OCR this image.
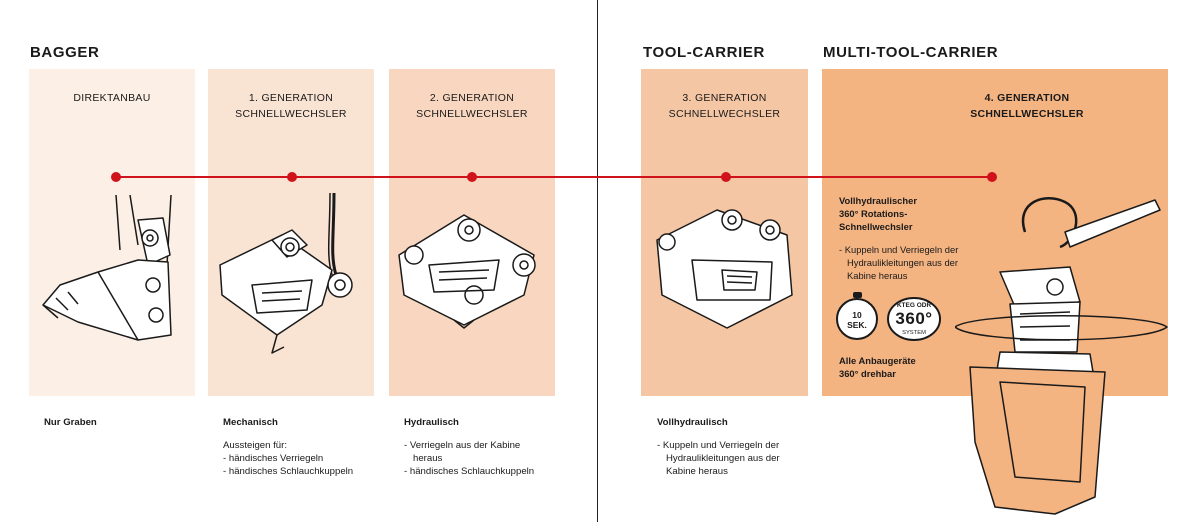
BAGGER	TOOL-CARRIER	MULTI-TOOL-CARRIER
DIREKTANBAU	1. GENERATION
SCHNELLWECHSLER
2. GENERATION
SCHNELLWECHSLER
3. GENERATION
SCHNELLWECHSLER
4. GENERATION
SCHNELLWECHSLER
Vollhydraulischer
360° Rotations-
Schnellwechsler
- Kuppeln und Verriegeln der
Hydraulikleitungen aus der
Kabine heraus
10
SEK.
KTEG ODR
360°
SYSTEM
Alle Anbaugeräte
360° drehbar
Nur Graben	Mechanisch
Aussteigen für:
- händisches Verriegeln
- händisches Schlauchkuppeln
Hydraulisch
- Verriegeln aus der Kabine
heraus
- händisches Schlauchkuppeln
Vollhydraulisch
- Kuppeln und Verriegeln der
Hydraulikleitungen aus der
Kabine heraus
